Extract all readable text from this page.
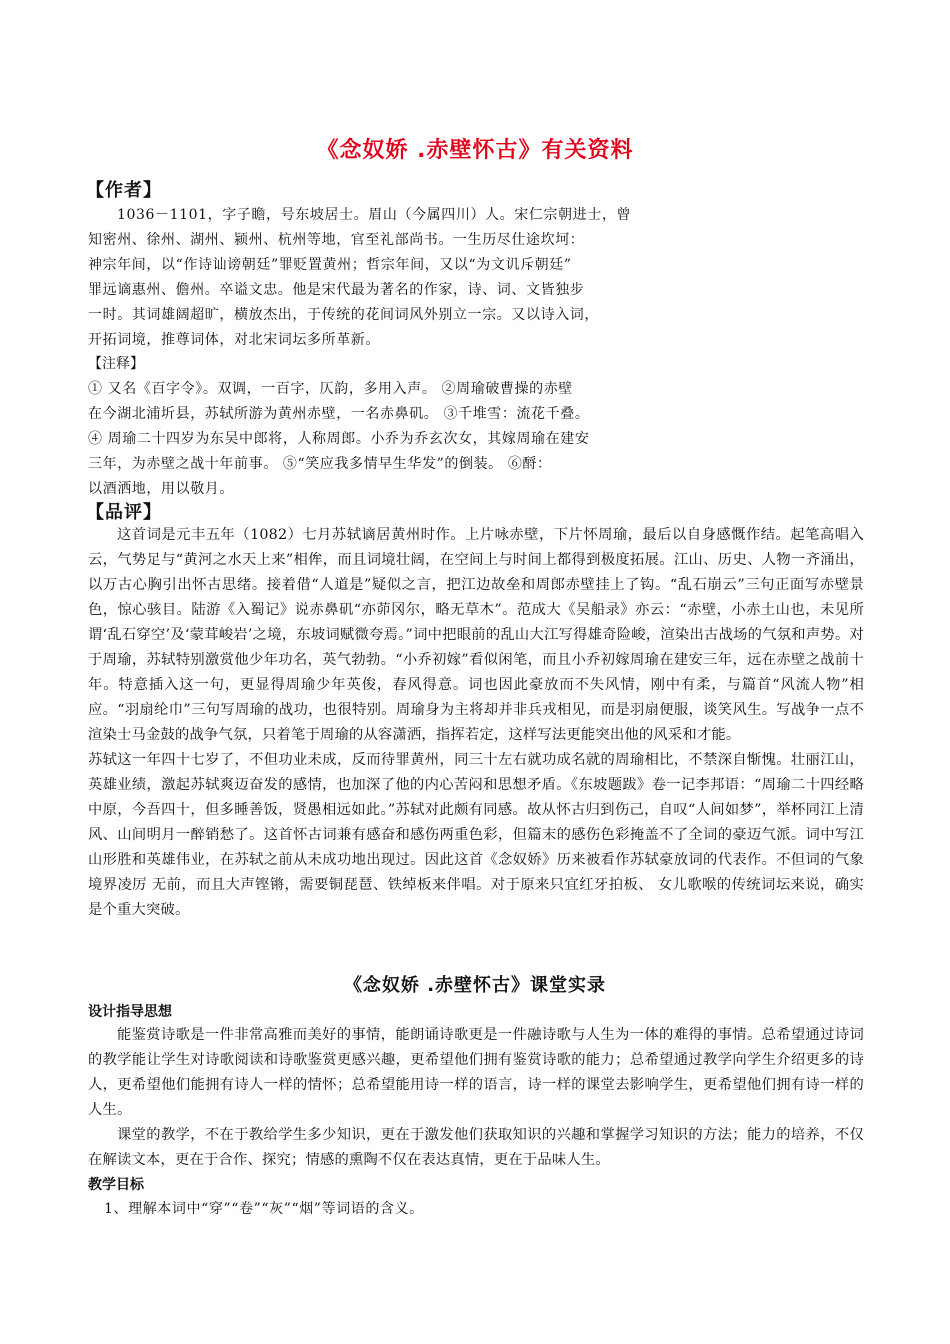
《念奴娇 .赤壁怀古》有关资料
【作者】
1036－1101，字子瞻，号东坡居士。眉山（今属四川）人。宋仁宗朝进士，曾
知密州、徐州、湖州、颍州、杭州等地，官至礼部尚书。一生历尽仕途坎坷：
神宗年间，以“作诗讪谤朝廷”罪贬置黄州；哲宗年间，又以“为文讥斥朝廷”
罪远谪惠州、儋州。卒谥文忠。他是宋代最为著名的作家，诗、词、文皆独步
一时。其词雄阔超旷，横放杰出，于传统的花间词风外别立一宗。又以诗入词，
开拓词境，推尊词体，对北宋词坛多所革新。
【注释】
① 又名《百字令》。双调，一百字，仄韵，多用入声。 ②周瑜破曹操的赤壁
在今湖北浦圻县，苏轼所游为黄州赤壁，一名赤鼻矶。 ③千堆雪：流花千叠。
④ 周瑜二十四岁为东吴中郎将，人称周郎。小乔为乔玄次女，其嫁周瑜在建安
三年，为赤壁之战十年前事。 ⑤“笑应我多情早生华发”的倒装。 ⑥酹：
以酒洒地，用以敬月。
【品评】

这首词是元丰五年（1082）七月苏轼谪居黄州时作。上片咏赤壁，下片怀周瑜，最后以自身感慨作结。起笔高唱入云，气势足与“黄河之水天上来”相侔，而且词境壮阔，在空间上与时间上都得到极度拓展。江山、历史、人物一齐涌出，以万古心胸引出怀古思绪。接着借“人道是”疑似之言，把江边故垒和周郎赤壁挂上了钩。“乱石崩云”三句正面写赤壁景色，惊心骇目。陆游《入蜀记》说赤鼻矶“亦茆冈尔，略无草木”。范成大《吴船录》亦云：“赤壁，小赤土山也，未见所谓‘乱石穿空’及‘蒙茸峻岩’之境，东坡词赋微夸焉。”词中把眼前的乱山大江写得雄奇险峻，渲染出古战场的气氛和声势。对于周瑜，苏轼特别激赏他少年功名，英气勃勃。“小乔初嫁”看似闲笔，而且小乔初嫁周瑜在建安三年，远在赤壁之战前十年。特意插入这一句，更显得周瑜少年英俊，春风得意。词也因此豪放而不失风情，刚中有柔，与篇首“风流人物”相应。“羽扇纶巾”三句写周瑜的战功，也很特别。周瑜身为主将却并非兵戎相见，而是羽扇便服，谈笑风生。写战争一点不渲染士马金鼓的战争气氛，只着笔于周瑜的从容潇洒，指挥若定，这样写法更能突出他的风采和才能。

苏轼这一年四十七岁了，不但功业未成，反而待罪黄州，同三十左右就功成名就的周瑜相比，不禁深自惭愧。壮丽江山，英雄业绩，激起苏轼爽迈奋发的感情，也加深了他的内心苦闷和思想矛盾。《东坡题跋》卷一记李邦语：“周瑜二十四经略中原，今吾四十，但多睡善饭，贤愚相远如此。”苏轼对此颇有同感。故从怀古归到伤己，自叹“人间如梦”，举杯同江上清风、山间明月一醉销愁了。这首怀古词兼有感奋和感伤两重色彩，但篇末的感伤色彩掩盖不了全词的豪迈气派。词中写江山形胜和英雄伟业，在苏轼之前从未成功地出现过。因此这首《念奴娇》历来被看作苏轼豪放词的代表作。不但词的气象境界凌厉 无前，而且大声铿锵，需要铜琵琶、铁绰板来伴唱。对于原来只宜红牙拍板、 女儿歌喉的传统词坛来说，确实是个重大突破。

《念奴娇 .赤壁怀古》课堂实录
设计指导思想

能鉴赏诗歌是一件非常高雅而美好的事情，能朗诵诗歌更是一件融诗歌与人生为一体的难得的事情。总希望通过诗词的教学能让学生对诗歌阅读和诗歌鉴赏更感兴趣，更希望他们拥有鉴赏诗歌的能力；总希望通过教学向学生介绍更多的诗人，更希望他们能拥有诗人一样的情怀；总希望能用诗一样的语言，诗一样的课堂去影响学生，更希望他们拥有诗一样的人生。

课堂的教学，不在于教给学生多少知识，更在于激发他们获取知识的兴趣和掌握学习知识的方法；能力的培养，不仅在解读文本，更在于合作、探究；情感的熏陶不仅在表达真情，更在于品味人生。

教学目标
1、理解本词中“穿”“卷”“灰”“烟”等词语的含义。
